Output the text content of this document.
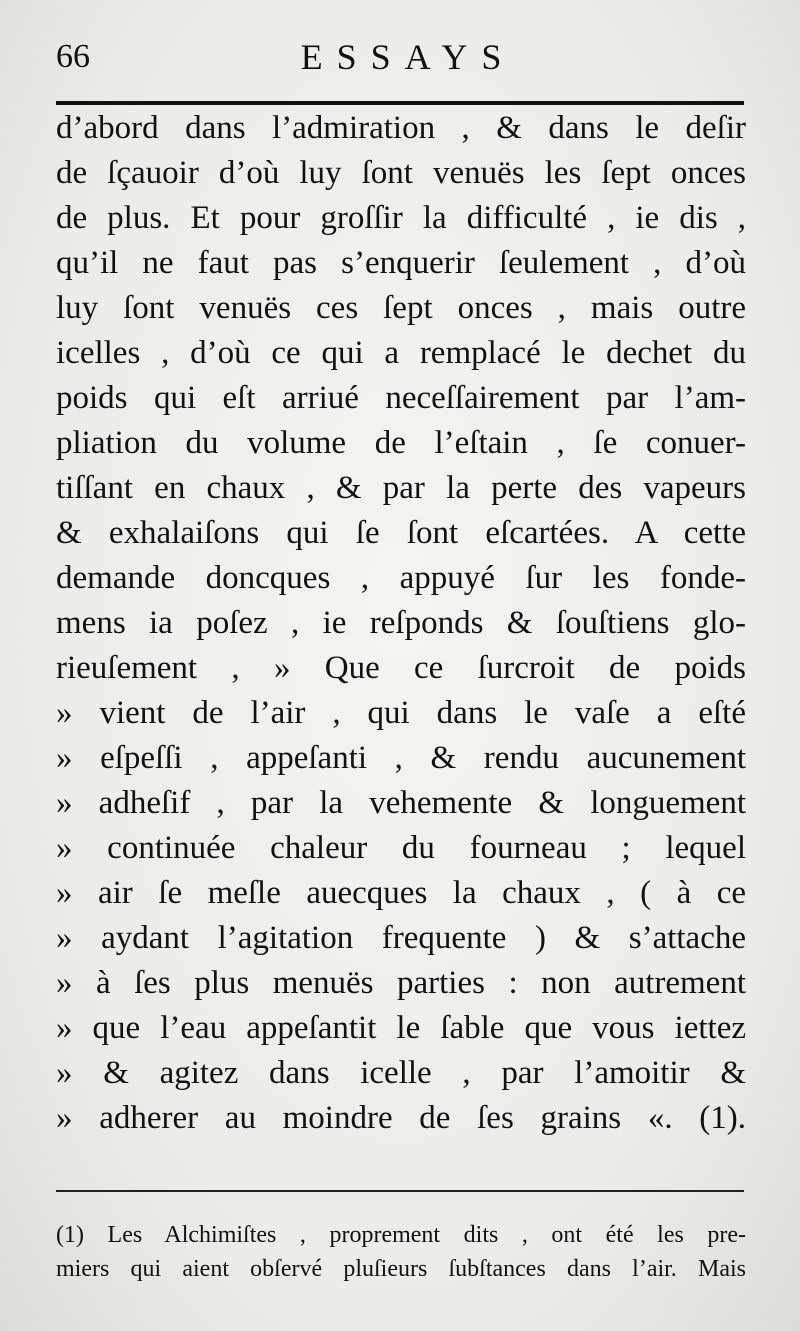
66	ESSAYS
d’abord dans l’admiration , & dans le deſir
de ſçauoir d’où luy ſont venuës les ſept onces
de plus. Et pour groſſir la difficulté , ie dis ,
qu’il ne faut pas s’enquerir ſeulement , d’où
luy ſont venuës ces ſept onces , mais outre
icelles , d’où ce qui a remplacé le dechet du
poids qui eſt arriué neceſſairement par l’am-
pliation du volume de l’eſtain , ſe conuer-
tiſſant en chaux , & par la perte des vapeurs
& exhalaiſons qui ſe ſont eſcartées. A cette
demande doncques , appuyé ſur les fonde-
mens ia poſez , ie reſponds & ſouſtiens glo-
rieuſement , » Que ce ſurcroit de poids
» vient de l’air , qui dans le vaſe a eſté
» eſpeſſi , appeſanti , & rendu aucunement
» adheſif , par la vehemente & longuement
» continuée chaleur du fourneau ; lequel
» air ſe meſle auecques la chaux , ( à ce
» aydant l’agitation frequente ) & s’attache
» à ſes plus menuës parties : non autrement
» que l’eau appeſantit le ſable que vous iettez
» & agitez dans icelle , par l’amoitir &
» adherer au moindre de ſes grains «. (1).
(1) Les Alchimiſtes , proprement dits , ont été les pre-
miers qui aient obſervé pluſieurs ſubſtances dans l’air. Mais
